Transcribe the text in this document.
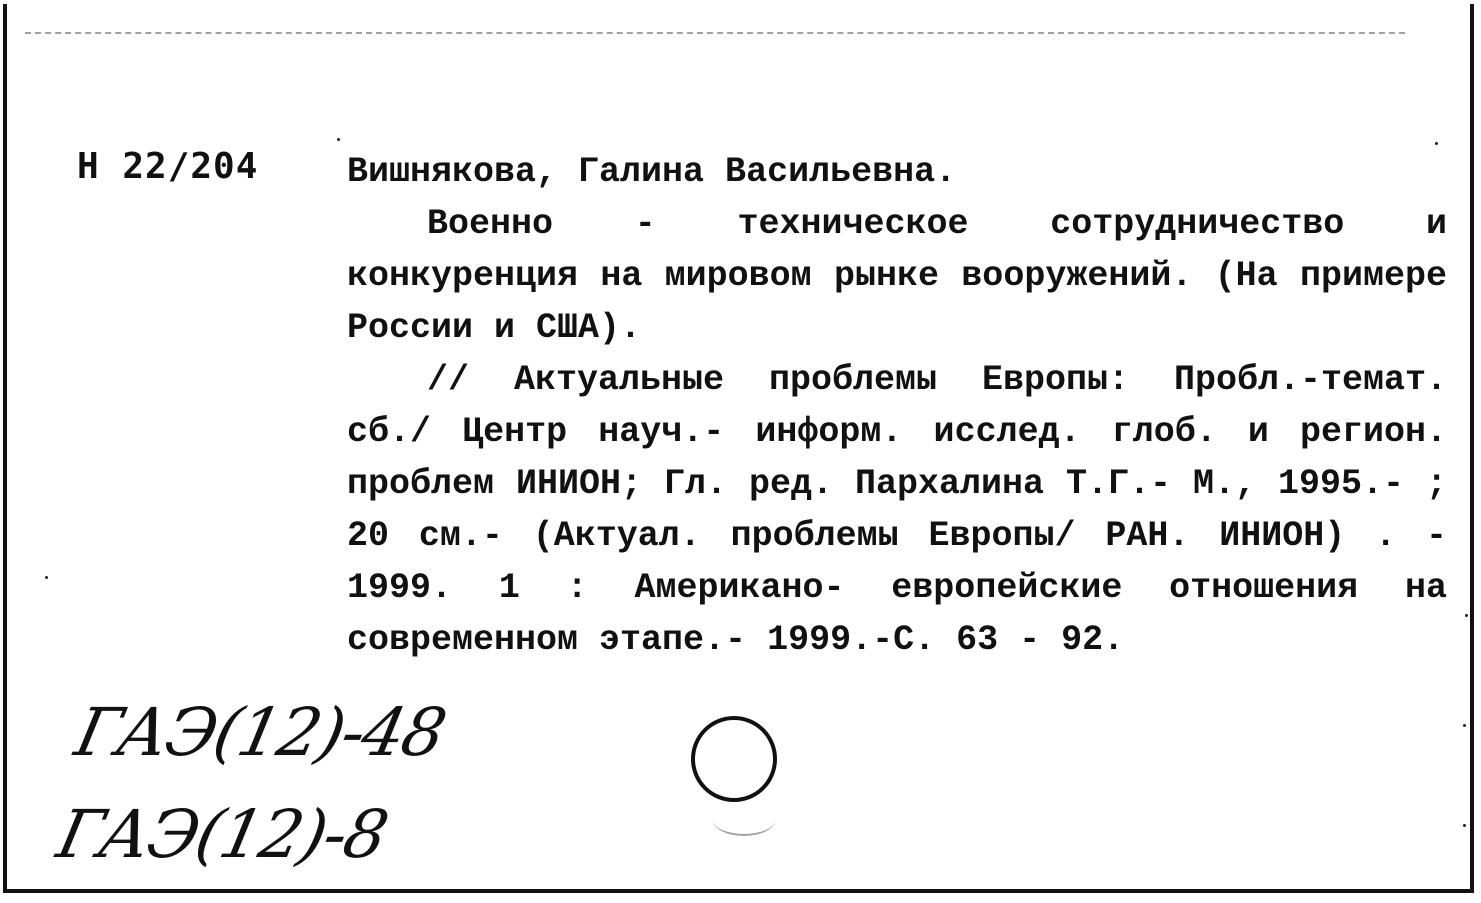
Н 22/204	Вишнякова, Галина Васильевна.

Военно - техническое сотрудничество и конкуренция на мировом рынке вооружений. (На примере России и США).

// Актуальные проблемы Европы: Пробл.-темат. сб./ Центр науч.- информ. исслед. глоб. и регион. проблем ИНИОН; Гл. ред. Пархалина Т.Г.- М., 1995.- ; 20 см.- (Актуал. проблемы Европы/ РАН. ИНИОН) . - 1999. 1 : Американо- европейские отношения на современном этапе.- 1999.-С. 63 - 92.

ГАЭ(12)-48

ГАЭ(12)-8
